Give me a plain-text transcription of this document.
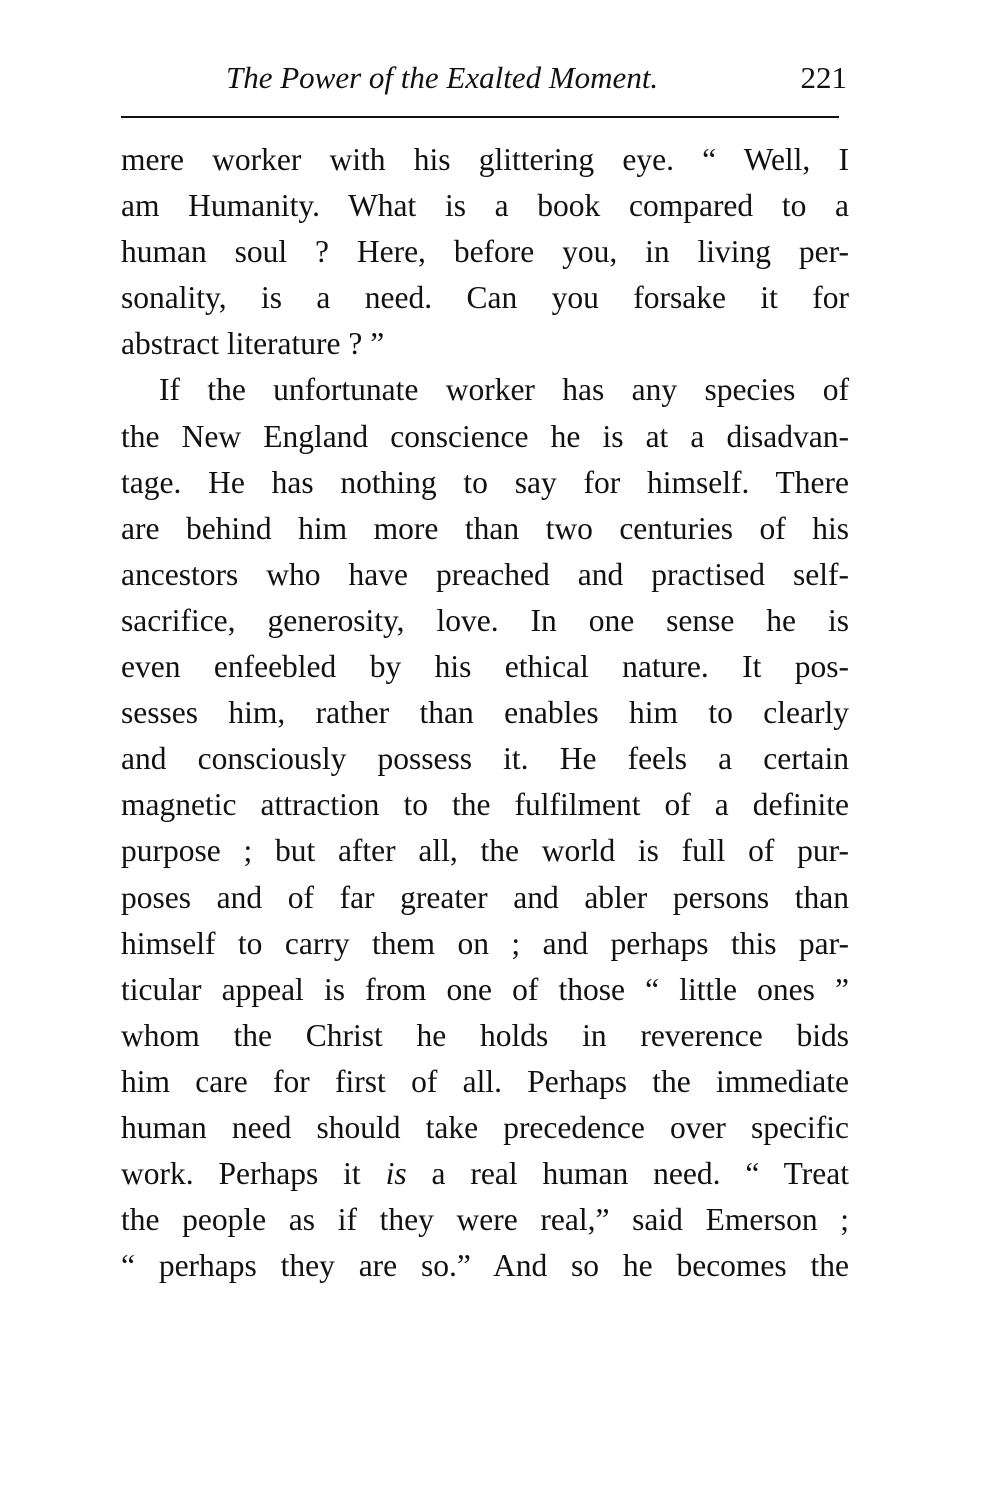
The Power of the Exalted Moment.	221
mere worker with his glittering eye. “ Well, I
am Humanity. What is a book compared to a
human soul ? Here, before you, in living per-
sonality, is a need. Can you forsake it for
abstract literature ? ”
If the unfortunate worker has any species of
the New England conscience he is at a disadvan-
tage. He has nothing to say for himself. There
are behind him more than two centuries of his
ancestors who have preached and practised self-
sacrifice, generosity, love. In one sense he is
even enfeebled by his ethical nature. It pos-
sesses him, rather than enables him to clearly
and consciously possess it. He feels a certain
magnetic attraction to the fulfilment of a definite
purpose ; but after all, the world is full of pur-
poses and of far greater and abler persons than
himself to carry them on ; and perhaps this par-
ticular appeal is from one of those “ little ones ”
whom the Christ he holds in reverence bids
him care for first of all. Perhaps the immediate
human need should take precedence over specific
work. Perhaps it is a real human need. “ Treat
the people as if they were real,” said Emerson ;
“ perhaps they are so.” And so he becomes the
